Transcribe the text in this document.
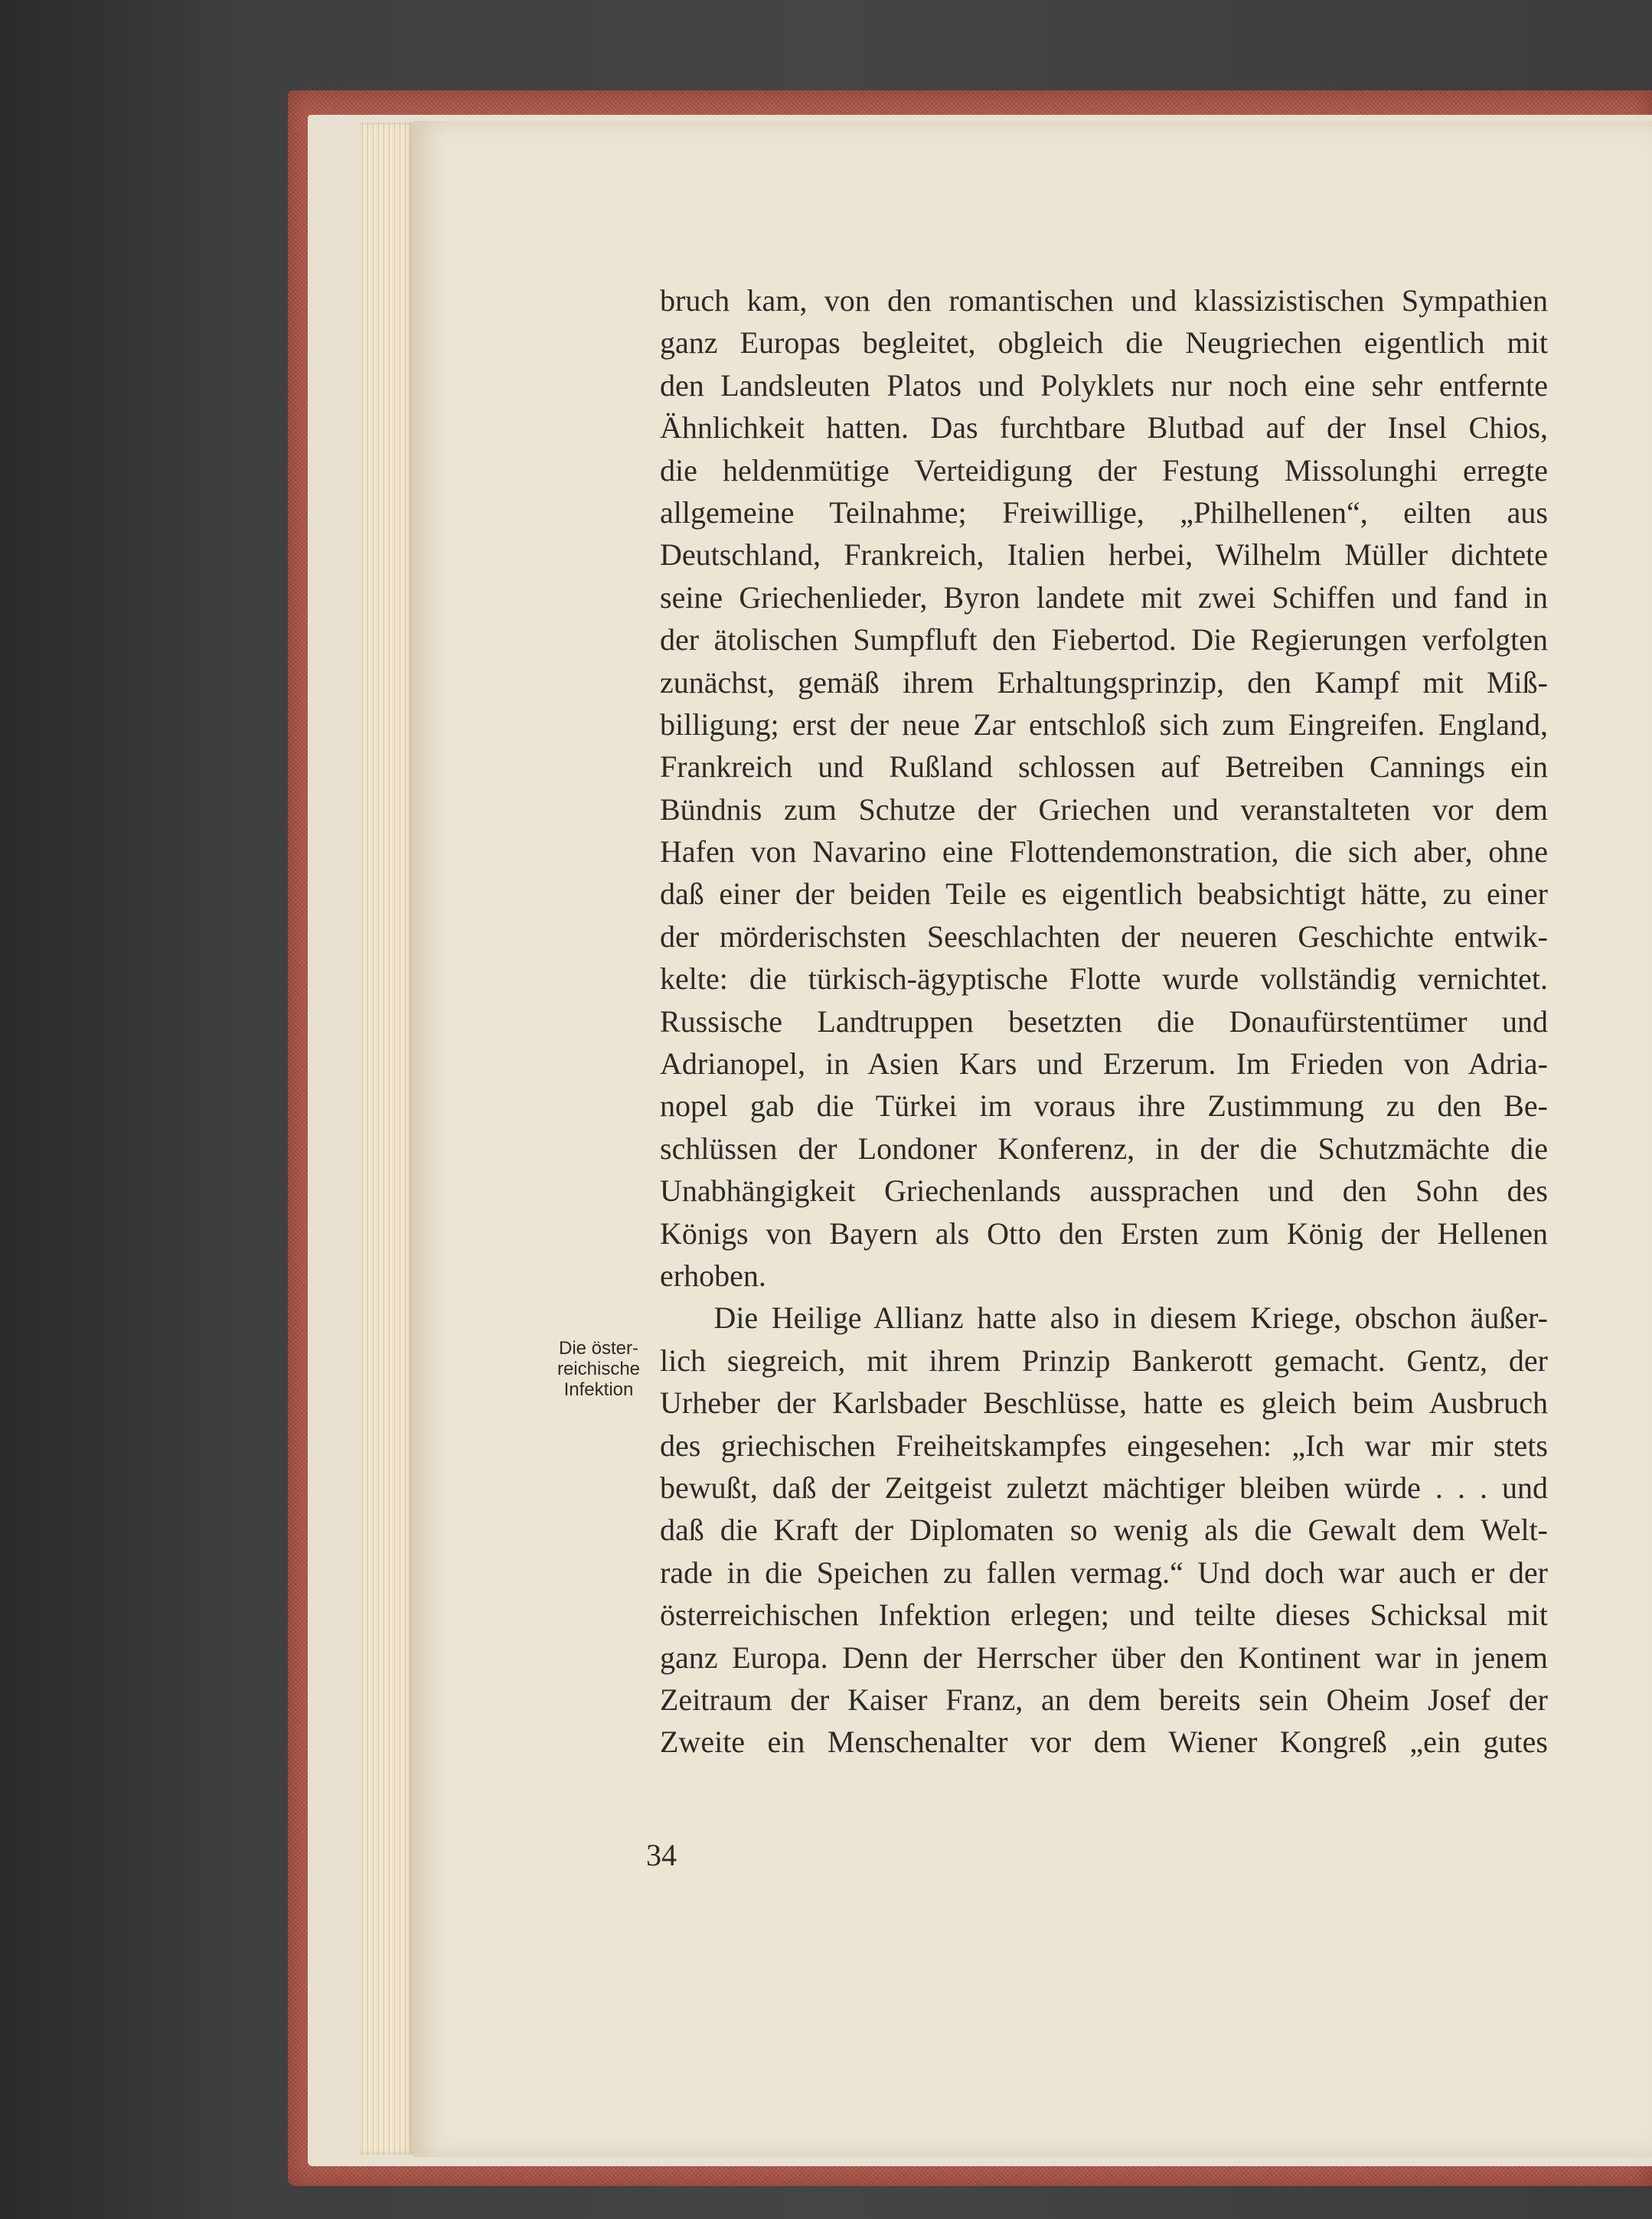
bruch kam, von den romantischen und klassizistischen Sympathien
ganz Europas begleitet, obgleich die Neugriechen eigentlich mit
den Landsleuten Platos und Polyklets nur noch eine sehr entfernte
Ähnlichkeit hatten. Das furchtbare Blutbad auf der Insel Chios,
die heldenmütige Verteidigung der Festung Missolunghi erregte
allgemeine Teilnahme; Freiwillige, „Philhellenen“, eilten aus
Deutschland, Frankreich, Italien herbei, Wilhelm Müller dichtete
seine Griechenlieder, Byron landete mit zwei Schiffen und fand in
der ätolischen Sumpfluft den Fiebertod. Die Regierungen verfolgten
zunächst, gemäß ihrem Erhaltungsprinzip, den Kampf mit Miß-
billigung; erst der neue Zar entschloß sich zum Eingreifen. England,
Frankreich und Rußland schlossen auf Betreiben Cannings ein
Bündnis zum Schutze der Griechen und veranstalteten vor dem
Hafen von Navarino eine Flottendemonstration, die sich aber, ohne
daß einer der beiden Teile es eigentlich beabsichtigt hätte, zu einer
der mörderischsten Seeschlachten der neueren Geschichte entwik-
kelte: die türkisch-ägyptische Flotte wurde vollständig vernichtet.
Russische Landtruppen besetzten die Donaufürstentümer und
Adrianopel, in Asien Kars und Erzerum. Im Frieden von Adria-
nopel gab die Türkei im voraus ihre Zustimmung zu den Be-
schlüssen der Londoner Konferenz, in der die Schutzmächte die
Unabhängigkeit Griechenlands aussprachen und den Sohn des
Königs von Bayern als Otto den Ersten zum König der Hellenen
erhoben.
Die Heilige Allianz hatte also in diesem Kriege, obschon äußer-
lich siegreich, mit ihrem Prinzip Bankerott gemacht. Gentz, der
Urheber der Karlsbader Beschlüsse, hatte es gleich beim Ausbruch
des griechischen Freiheitskampfes eingesehen: „Ich war mir stets
bewußt, daß der Zeitgeist zuletzt mächtiger bleiben würde . . . und
daß die Kraft der Diplomaten so wenig als die Gewalt dem Welt-
rade in die Speichen zu fallen vermag.“ Und doch war auch er der
österreichischen Infektion erlegen; und teilte dieses Schicksal mit
ganz Europa. Denn der Herrscher über den Kontinent war in jenem
Zeitraum der Kaiser Franz, an dem bereits sein Oheim Josef der
Zweite ein Menschenalter vor dem Wiener Kongreß „ein gutes
Die öster-
reichische
Infektion
34
